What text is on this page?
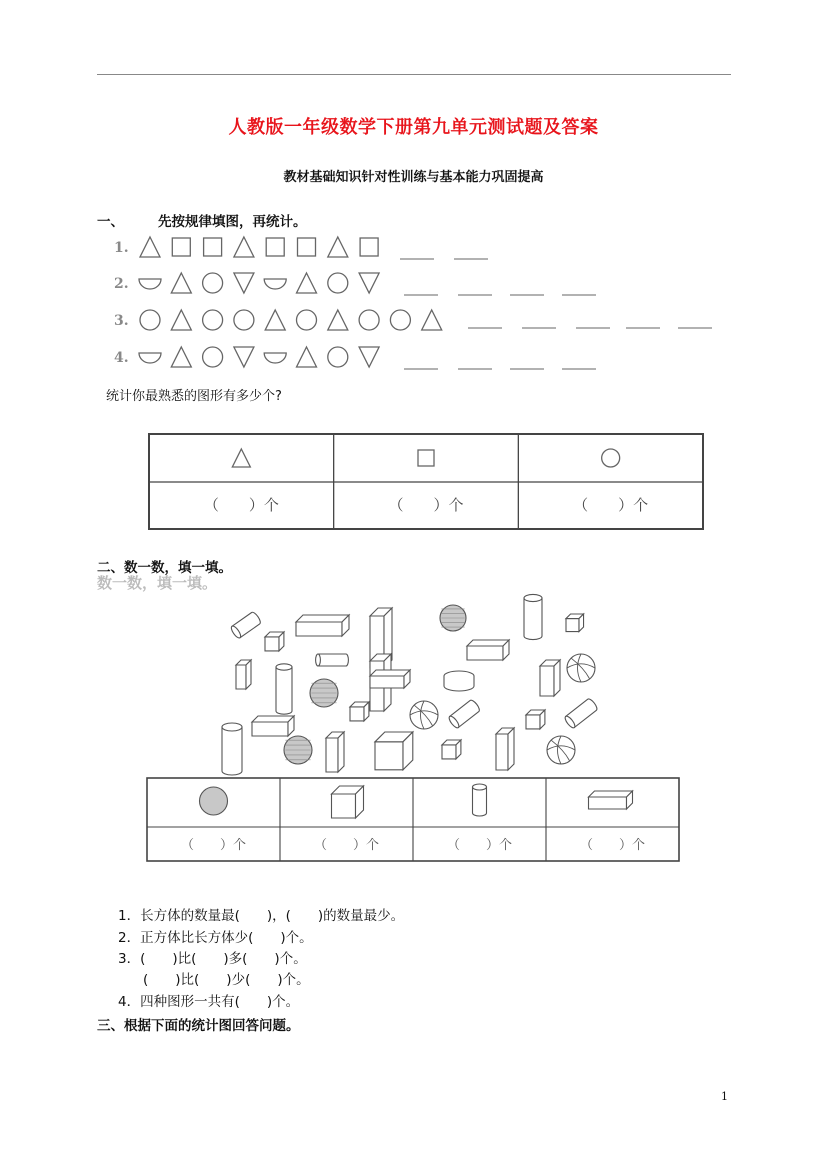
人教版一年级数学下册第九单元测试题及答案
教材基础知识针对性训练与基本能力巩固提高
一、	先按规律填图，再统计。
1.
2.
3.
4.
统计你最熟悉的图形有多少个?
（　　）个	（　　）个	（　　）个
二、数一数，填一填。
数一数，填一填。
（　　）个	（　　）个	（　　）个	（　　）个
1．长方体的数量最(　　)，(　　)的数量最少。
2．正方体比长方体少(　　)个。
3．(　　)比(　　)多(　　)个。
(　　)比(　　)少(　　)个。
4．四种图形一共有(　　)个。
三、根据下面的统计图回答问题。
1
